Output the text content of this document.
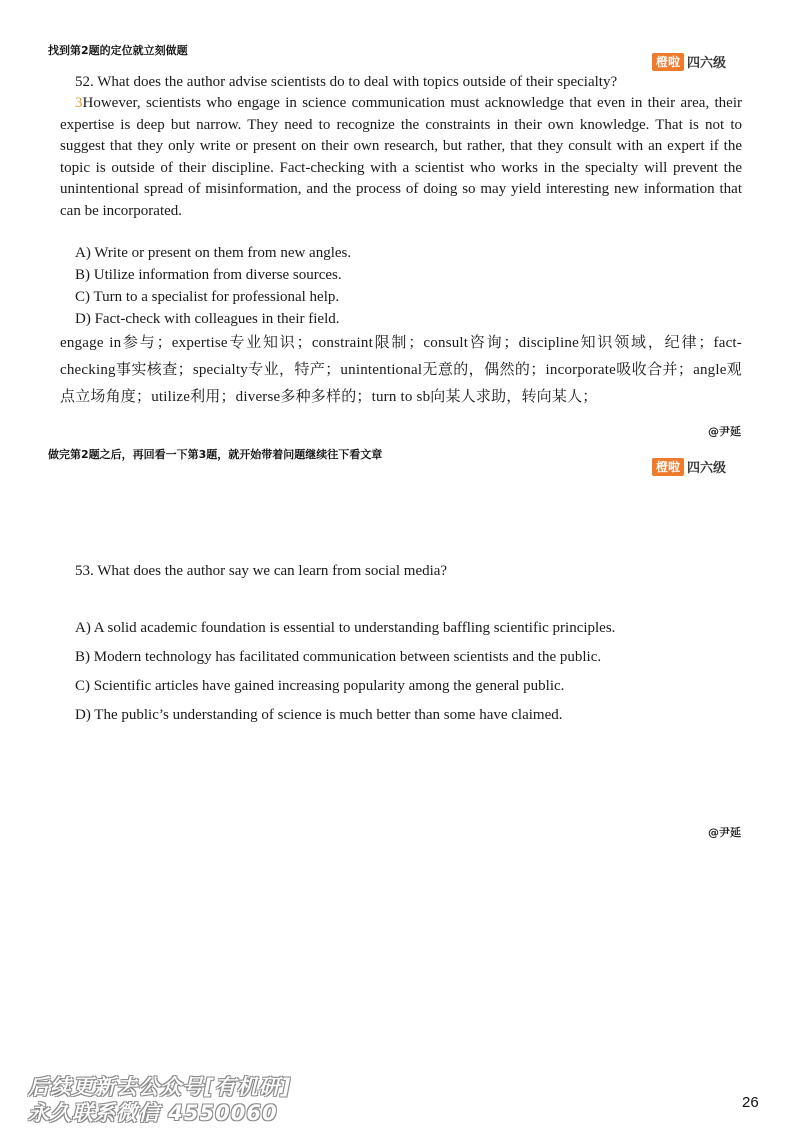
找到第2题的定位就立刻做题
橙啦 四六级
52. What does the author advise scientists do to deal with topics outside of their specialty?
3However, scientists who engage in science communication must acknowledge that even in their area, their expertise is deep but narrow. They need to recognize the constraints in their own knowledge. That is not to suggest that they only write or present on their own research, but rather, that they consult with an expert if the topic is outside of their discipline. Fact-checking with a scientist who works in the specialty will prevent the unintentional spread of misinformation, and the process of doing so may yield interesting new information that can be incorporated.
A) Write or present on them from new angles.
B) Utilize information from diverse sources.
C) Turn to a specialist for professional help.
D) Fact-check with colleagues in their field.
engage in参与；expertise专业知识；constraint限制；consult咨询；discipline知识领域，纪律；fact-checking事实核查；specialty专业，特产；unintentional无意的，偶然的；incorporate吸收合并；angle观点立场角度；utilize利用；diverse多种多样的；turn to sb向某人求助，转向某人；
@尹延
做完第2题之后，再回看一下第3题，就开始带着问题继续往下看文章
橙啦 四六级
53. What does the author say we can learn from social media?
A) A solid academic foundation is essential to understanding baffling scientific principles.
B) Modern technology has facilitated communication between scientists and the public.
C) Scientific articles have gained increasing popularity among the general public.
D) The public’s understanding of science is much better than some have claimed.
@尹延
后续更新去公众号[有机研]
永久联系微信 4550060	26
